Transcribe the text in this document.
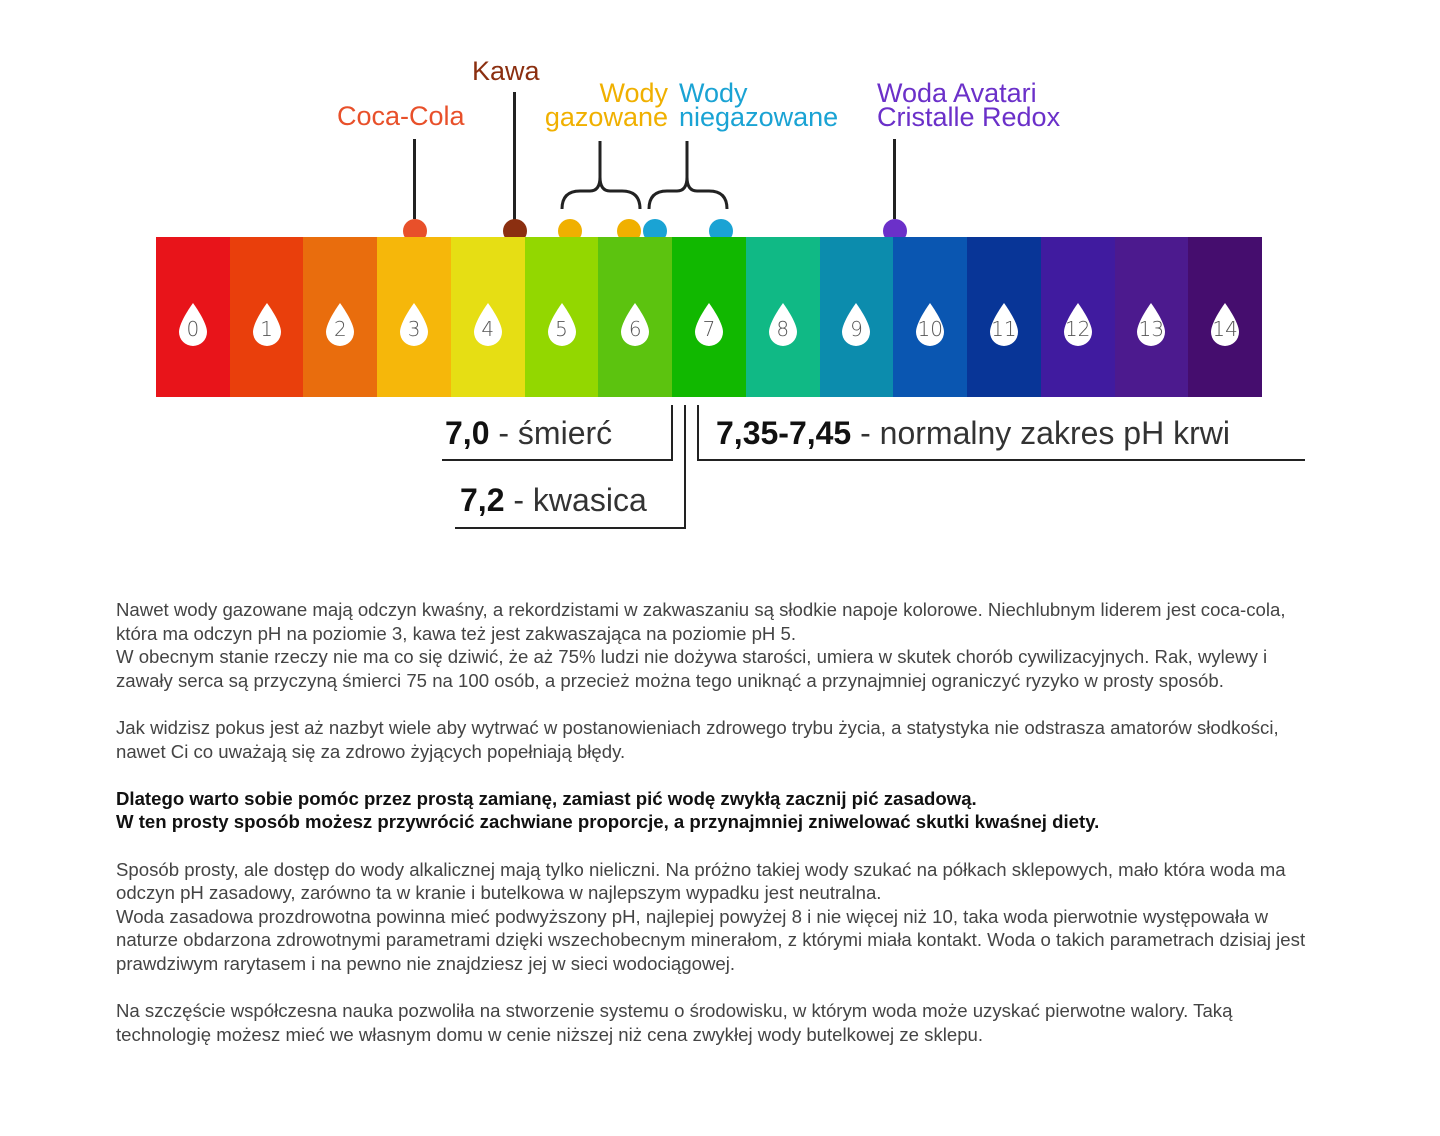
Coca-Cola
Kawa
Wody
gazowane
Wody
niegazowane
Woda Avatari
Cristalle Redox
0	1	2	3	4	5	6	7	8	9	10 11 12 13 14
7,0 - śmierć
7,2 - kwasica
7,35-7,45 - normalny zakres pH krwi

Nawet wody gazowane mają odczyn kwaśny, a rekordzistami w zakwaszaniu są słodkie napoje kolorowe. Niechlubnym liderem jest coca-cola, która ma odczyn pH na poziomie 3, kawa też jest zakwaszająca na poziomie pH 5.
W obecnym stanie rzeczy nie ma co się dziwić, że aż 75% ludzi nie dożywa starości, umiera w skutek chorób cywilizacyjnych. Rak, wylewy i zawały serca są przyczyną śmierci 75 na 100 osób, a przecież można tego uniknąć a przynajmniej ograniczyć ryzyko w prosty sposób.

Jak widzisz pokus jest aż nazbyt wiele aby wytrwać w postanowieniach zdrowego trybu życia, a statystyka nie odstrasza amatorów słodkości, nawet Ci co uważają się za zdrowo żyjących popełniają błędy.

Dlatego warto sobie pomóc przez prostą zamianę, zamiast pić wodę zwykłą zacznij pić zasadową.
W ten prosty sposób możesz przywrócić zachwiane proporcje, a przynajmniej zniwelować skutki kwaśnej diety.

Sposób prosty, ale dostęp do wody alkalicznej mają tylko nieliczni. Na próżno takiej wody szukać na półkach sklepowych, mało która woda ma odczyn pH zasadowy, zarówno ta w kranie i butelkowa w najlepszym wypadku jest neutralna.
Woda zasadowa prozdrowotna powinna mieć podwyższony pH, najlepiej powyżej 8 i nie więcej niż 10, taka woda pierwotnie występowała w naturze obdarzona zdrowotnymi parametrami dzięki wszechobecnym minerałom, z którymi miała kontakt. Woda o takich parametrach dzisiaj jest prawdziwym rarytasem i na pewno nie znajdziesz jej w sieci wodociągowej.

Na szczęście współczesna nauka pozwoliła na stworzenie systemu o środowisku, w którym woda może uzyskać pierwotne walory. Taką technologię możesz mieć we własnym domu w cenie niższej niż cena zwykłej wody butelkowej ze sklepu.
